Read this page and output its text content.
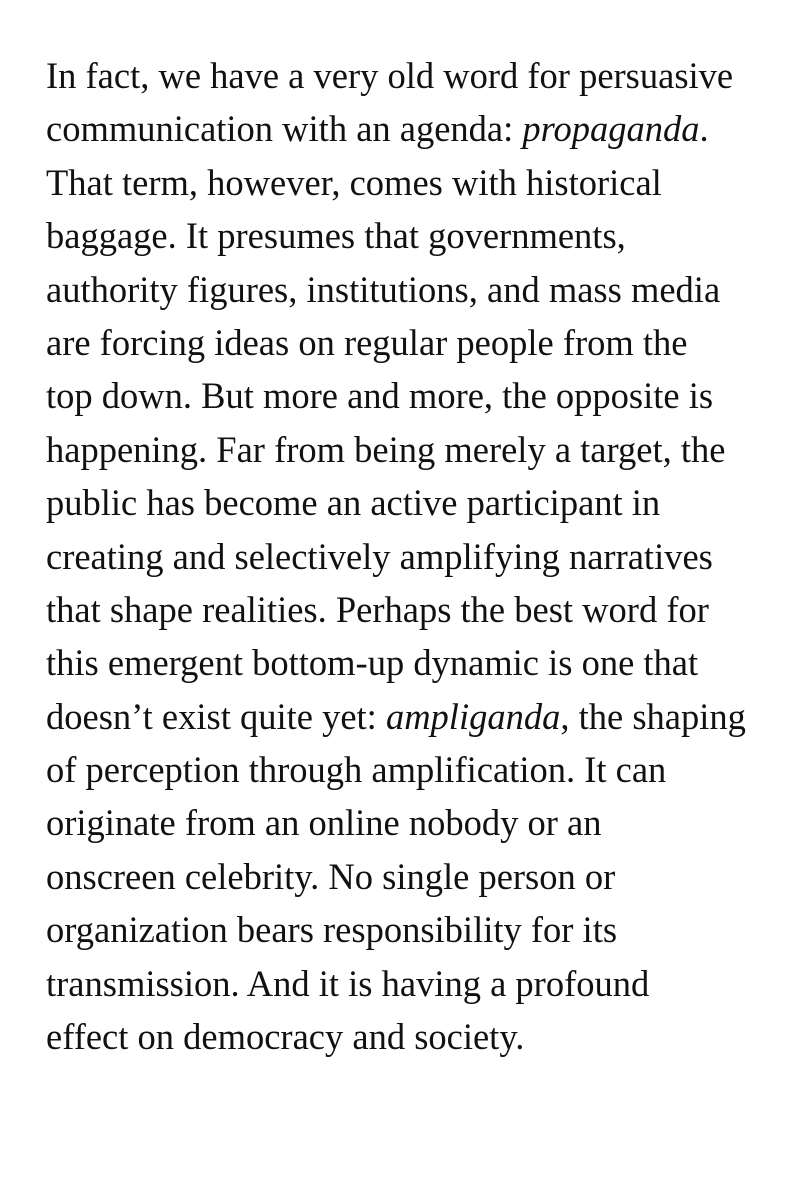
In fact, we have a very old word for persuasive
communication with an agenda: propaganda.
That term, however, comes with historical
baggage. It presumes that governments,
authority figures, institutions, and mass media
are forcing ideas on regular people from the
top down. But more and more, the opposite is
happening. Far from being merely a target, the
public has become an active participant in
creating and selectively amplifying narratives
that shape realities. Perhaps the best word for
this emergent bottom-up dynamic is one that
doesn’t exist quite yet: ampliganda, the shaping
of perception through amplification. It can
originate from an online nobody or an
onscreen celebrity. No single person or
organization bears responsibility for its
transmission. And it is having a profound
effect on democracy and society.
